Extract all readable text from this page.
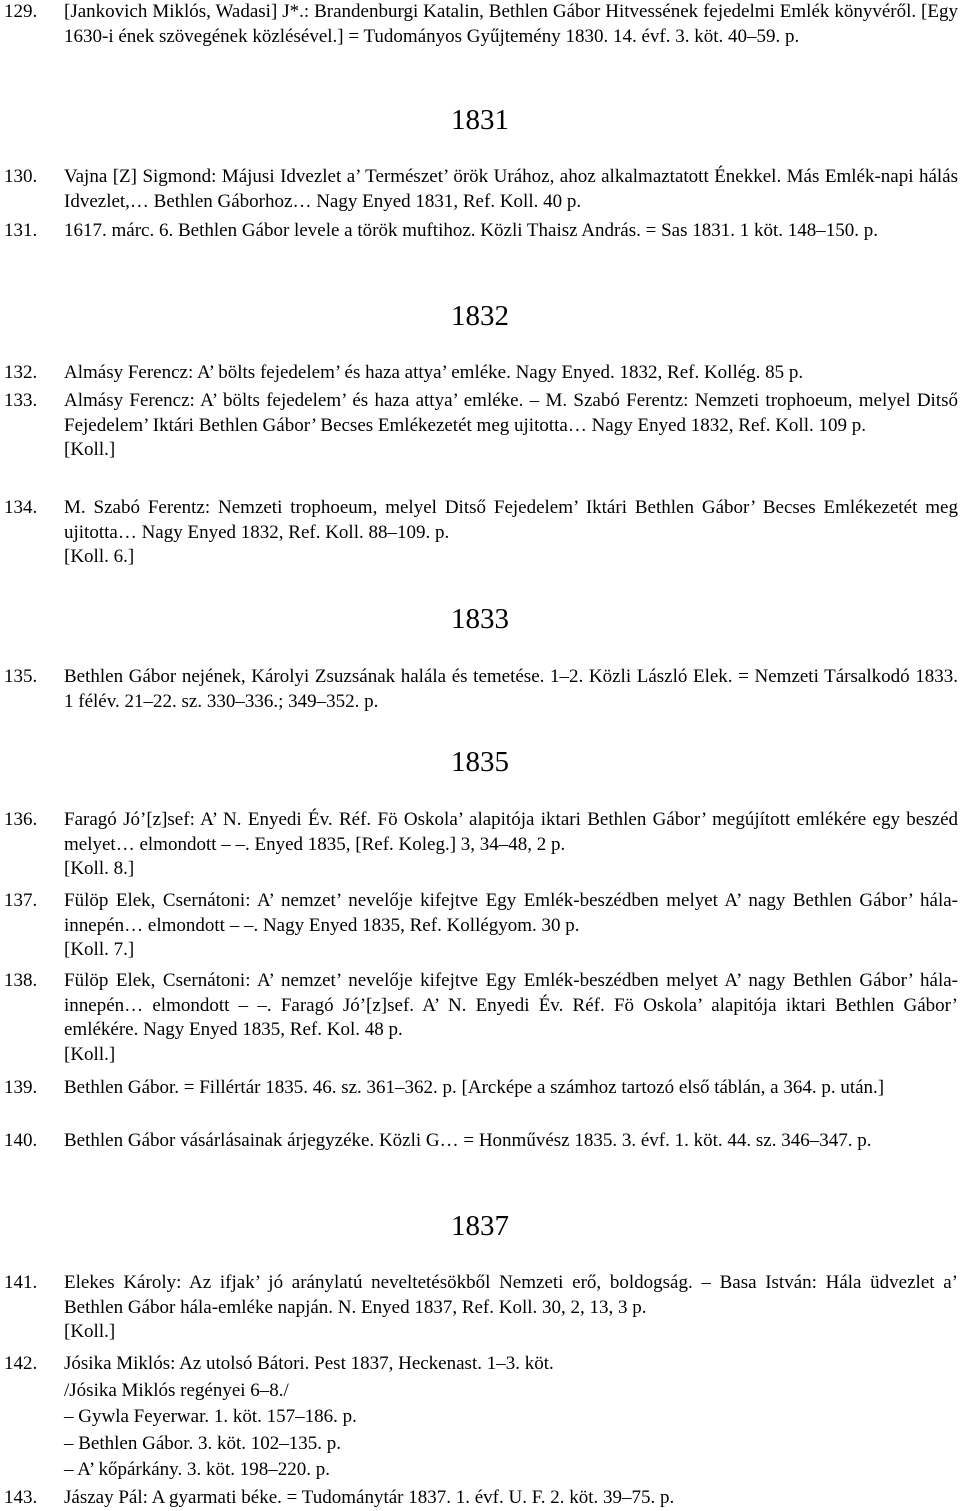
129. [Jankovich Miklós, Wadasi] J*.: Brandenburgi Katalin, Bethlen Gábor Hitvessének fejedelmi Emlék könyvéről. [Egy 1630-i ének szövegének közlésével.] = Tudományos Gyűjtemény 1830. 14. évf. 3. köt. 40–59. p.
1831
130. Vajna [Z] Sigmond: Májusi Idvezlet a’ Természet’ örök Urához, ahoz alkalmaztatott Énekkel. Más Emlék-napi hálás Idvezlet,… Bethlen Gáborhoz… Nagy Enyed 1831, Ref. Koll. 40 p.
131. 1617. márc. 6. Bethlen Gábor levele a török muftihoz. Közli Thaisz András. = Sas 1831. 1 köt. 148–150. p.
1832
132. Almásy Ferencz: A’ bölts fejedelem’ és haza attya’ emléke. Nagy Enyed. 1832, Ref. Kollég. 85 p.
133. Almásy Ferencz: A’ bölts fejedelem’ és haza attya’ emléke. – M. Szabó Ferentz: Nemzeti trophoeum, melyel Ditső Fejedelem’ Iktári Bethlen Gábor’ Becses Emlékezetét meg ujitotta… Nagy Enyed 1832, Ref. Koll. 109 p.
[Koll.]
134. M. Szabó Ferentz: Nemzeti trophoeum, melyel Ditső Fejedelem’ Iktári Bethlen Gábor’ Becses Emlékezetét meg ujitotta… Nagy Enyed 1832, Ref. Koll. 88–109. p.
[Koll. 6.]
1833
135. Bethlen Gábor nejének, Károlyi Zsuzsának halála és temetése. 1–2. Közli László Elek. = Nemzeti Társalkodó 1833. 1 félév. 21–22. sz. 330–336.; 349–352. p.
1835
136. Faragó Jó’[z]sef: A’ N. Enyedi Év. Réf. Fö Oskola’ alapitója iktari Bethlen Gábor’ megújított emlékére egy beszéd melyet… elmondott – –. Enyed 1835, [Ref. Koleg.] 3, 34–48, 2 p.
[Koll. 8.]
137. Fülöp Elek, Csernátoni: A’ nemzet’ nevelője kifejtve Egy Emlék-beszédben melyet A’ nagy Bethlen Gábor’ hála-innepén… elmondott – –. Nagy Enyed 1835, Ref. Kollégyom. 30 p.
[Koll. 7.]
138. Fülöp Elek, Csernátoni: A’ nemzet’ nevelője kifejtve Egy Emlék-beszédben melyet A’ nagy Bethlen Gábor’ hála-innepén… elmondott – –. Faragó Jó’[z]sef. A’ N. Enyedi Év. Réf. Fö Oskola’ alapitója iktari Bethlen Gábor’ emlékére. Nagy Enyed 1835, Ref. Kol. 48 p.
[Koll.]
139. Bethlen Gábor. = Fillértár 1835. 46. sz. 361–362. p. [Arcképe a számhoz tartozó első táblán, a 364. p. után.]
140. Bethlen Gábor vásárlásainak árjegyzéke. Közli G… = Honművész 1835. 3. évf. 1. köt. 44. sz. 346–347. p.
1837
141. Elekes Károly: Az ifjak’ jó aránylatú neveltetésökből Nemzeti erő, boldogság. – Basa István: Hála üdvezlet a’ Bethlen Gábor hála-emléke napján. N. Enyed 1837, Ref. Koll. 30, 2, 13, 3 p.
[Koll.]
142. Jósika Miklós: Az utolsó Bátori. Pest 1837, Heckenast. 1–3. köt.
/Jósika Miklós regényei 6–8./
– Gywla Feyerwar. 1. köt. 157–186. p.
– Bethlen Gábor. 3. köt. 102–135. p.
– A’ kőpárkány. 3. köt. 198–220. p.
143. Jászay Pál: A gyarmati béke. = Tudománytár 1837. 1. évf. U. F. 2. köt. 39–75. p.
